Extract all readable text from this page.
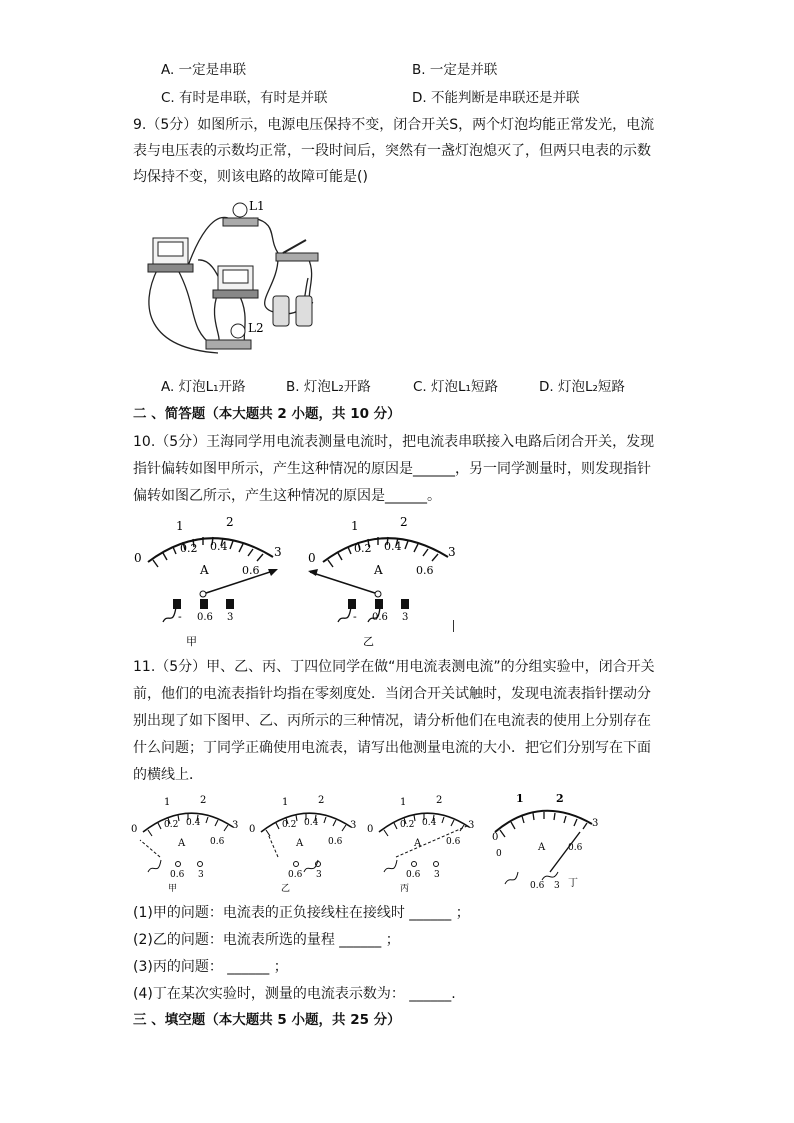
A. 一定是串联	B. 一定是并联
C. 有时是串联，有时是并联	D. 不能判断是串联还是并联
9.（5分）如图所示，电源电压保持不变，闭合开关S，两个灯泡均能正常发光，电流
表与电压表的示数均正常，一段时间后，突然有一盏灯泡熄灭了，但两只电表的示数
均保持不变，则该电路的故障可能是()
L1
L2
A. 灯泡L₁开路	B. 灯泡L₂开路	C. 灯泡L₁短路	D. 灯泡L₂短路
二 、简答题（本大题共 2 小题，共 10 分）
10.（5分）王海同学用电流表测量电流时，把电流表串联接入电路后闭合开关，发现
指针偏转如图甲所示，产生这种情况的原因是______，另一同学测量时，则发现指针
偏转如图乙所示，产生这种情况的原因是______。
0
1	2
3
0.2 0.4
0.6
A
- 0.6 3
甲
0
1	2
3
0.2 0.4
0.6
A
- 0.6 3
乙
11.（5分）甲、乙、丙、丁四位同学在做“用电流表测电流”的分组实验中，闭合开关
前，他们的电流表指针均指在零刻度处．当闭合开关试触时，发现电流表指针摆动分
别出现了如下图甲、乙、丙所示的三种情况，请分析他们在电流表的使用上分别存在
什么问题；丁同学正确使用电流表，请写出他测量电流的大小．把它们分别写在下面
的横线上．
0
1	2
3
0.2 0.4
0.6
A
0.6 3
甲
0
1	2
3
0.2 0.4
0.6
A
0.6 3
乙
0
1	2
3
0.2 0.4
0.6
A
0.6 3
丙
0
1	2
3
0
A	0.6
0.6 3 丁
(1)甲的问题：电流表的正负接线柱在接线时 ______ ；
(2)乙的问题：电流表所选的量程 ______ ；
(3)丙的问题： ______ ；
(4)丁在某次实验时，测量的电流表示数为： ______.
三 、填空题（本大题共 5 小题，共 25 分）
